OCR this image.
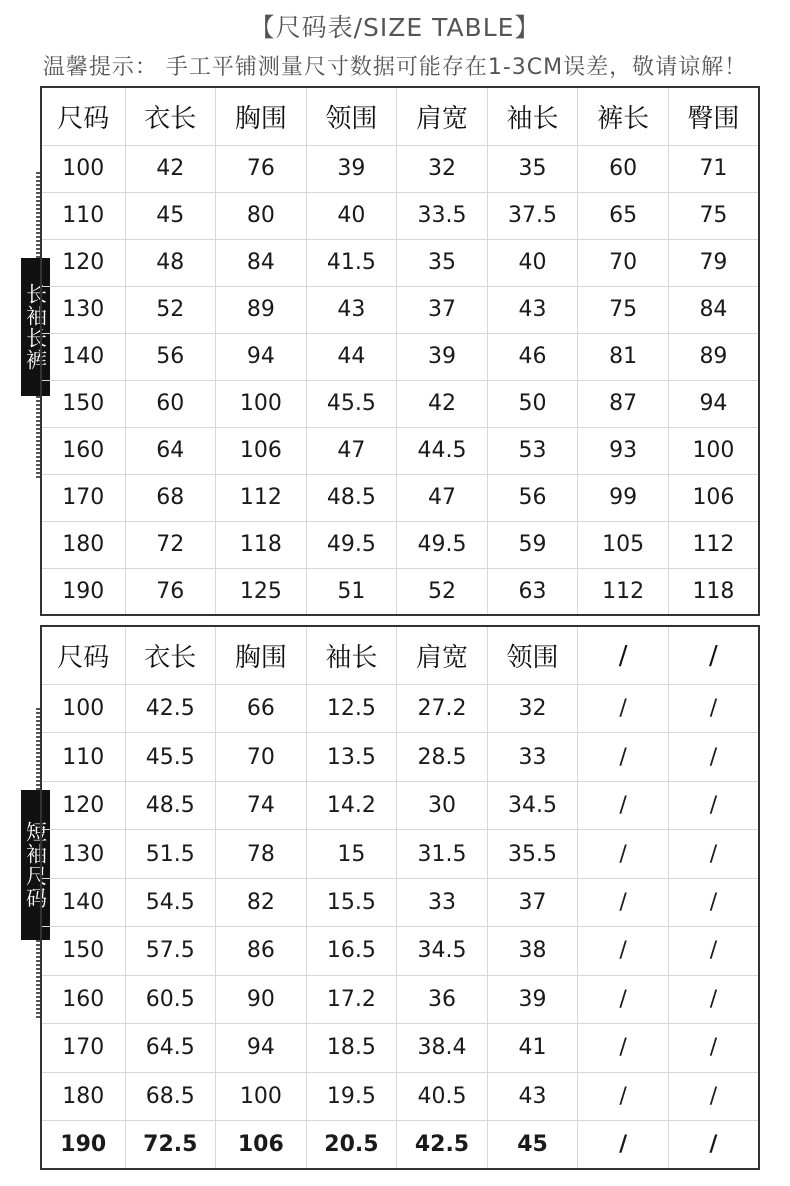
【尺码表/SIZE TABLE】
温馨提示： 手工平铺测量尺寸数据可能存在1-3CM误差，敬请谅解！
长袖长裤
尺码	衣长	胸围	领围	肩宽	袖长	裤长	臀围
100	42	76	39	32	35	60	71
110	45	80	40	33.5	37.5	65	75
120	48	84	41.5	35	40	70	79
130	52	89	43	37	43	75	84
140	56	94	44	39	46	81	89
150	60	100	45.5	42	50	87	94
160	64	106	47	44.5	53	93	100
170	68	112	48.5	47	56	99	106
180	72	118	49.5	49.5	59	105	112
190	76	125	51	52	63	112	118
短袖尺码
尺码	衣长	胸围	袖长	肩宽	领围	/	/
100	42.5	66	12.5	27.2	32	/	/
110	45.5	70	13.5	28.5	33	/	/
120	48.5	74	14.2	30	34.5	/	/
130	51.5	78	15	31.5	35.5	/	/
140	54.5	82	15.5	33	37	/	/
150	57.5	86	16.5	34.5	38	/	/
160	60.5	90	17.2	36	39	/	/
170	64.5	94	18.5	38.4	41	/	/
180	68.5	100	19.5	40.5	43	/	/
190	72.5	106	20.5	42.5	45	/	/
